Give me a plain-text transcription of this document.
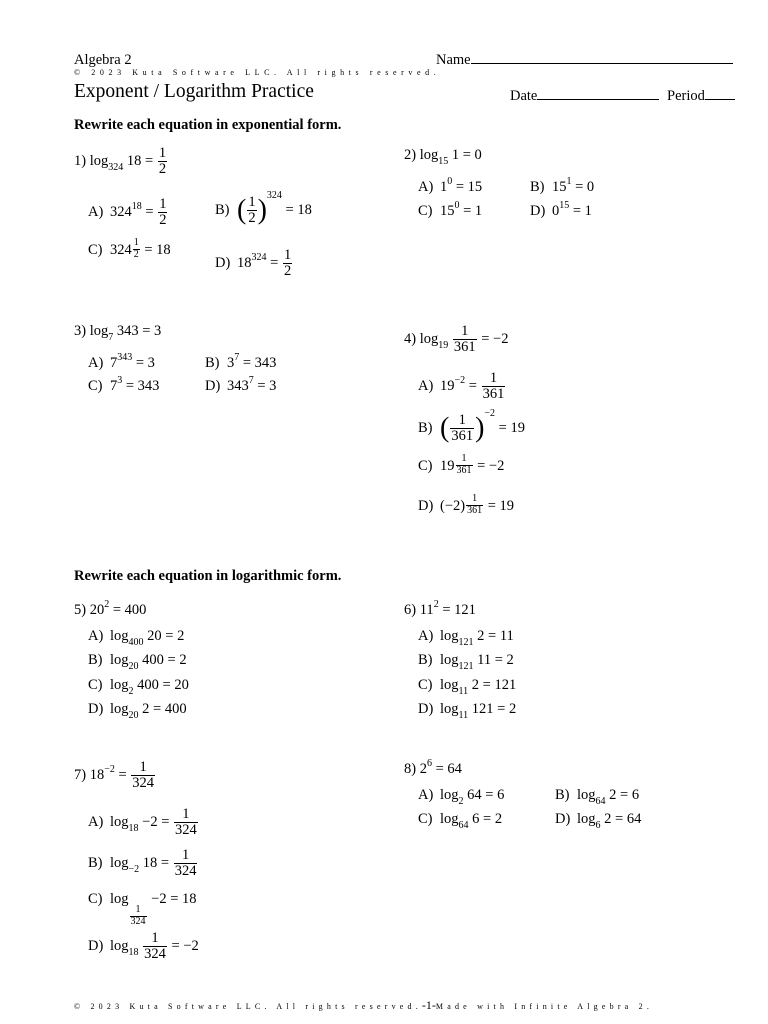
Algebra 2	Name
© 2023 Kuta Software LLC. All rights reserved.
Exponent / Logarithm Practice	Date	Period
Rewrite each equation in exponential form.
1) $\log_{324} 18 = \frac{1}{2}$
A) $324^{18} = \frac{1}{2}$	B) ( $\frac{1}{2} )^{324} = 18$
C) $324 \frac{1}{2} = 18$
D) $18^{324} = \frac{1}{2}$
2) $\log_{15} 1 = 0$
A) $1^0 = 15$	B) $15^1 = 0$
C) $15^0 = 1$	D) $0^{15} = 1$
3) $\log_7 343 = 3$
A) $7^{343} = 3$	B) $3^7 = 343$
C) $7^3 = 343$	D) $343^7 = 3$
4) $\log_{19} \frac{1}{361} = -2$
A) $19^{-2} = \frac{1}{361}$
B) ( $\frac{1}{361} )^{-2} = 19$
C) $19 \frac{1}{361} = -2$
D) $(-2) \frac{1}{361} = 19$
Rewrite each equation in logarithmic form.
5) $20^2 = 400$
A) $\log_{400} 20 = 2$
B) $\log_{20} 400 = 2$
C) $\log_2 400 = 20$
D) $\log_{20} 2 = 400$
6) $11^2 = 121$
A) $\log_{121} 2 = 11$
B) $\log_{121} 11 = 2$
C) $\log_{11} 2 = 121$
D) $\log_{11} 121 = 2$
7) $18^{-2} = \frac{1}{324}$
A) $\log_{18} -2 = \frac{1}{324}$
B) $\log_{-2} 18 = \frac{1}{324}$
C) log
$\frac{1}{324}$
−2 = 18
D) $\log_{18} \frac{1}{324} = -2$
8) $2^6 = 64$
A) $\log_2 64 = 6$	B) $\log_{64} 2 = 6$
C) $\log_{64} 6 = 2$	D) $\log_6 2 = 64$
© 2023 Kuta Software LLC. All rights reserved.-1-Made with Infinite Algebra 2.
